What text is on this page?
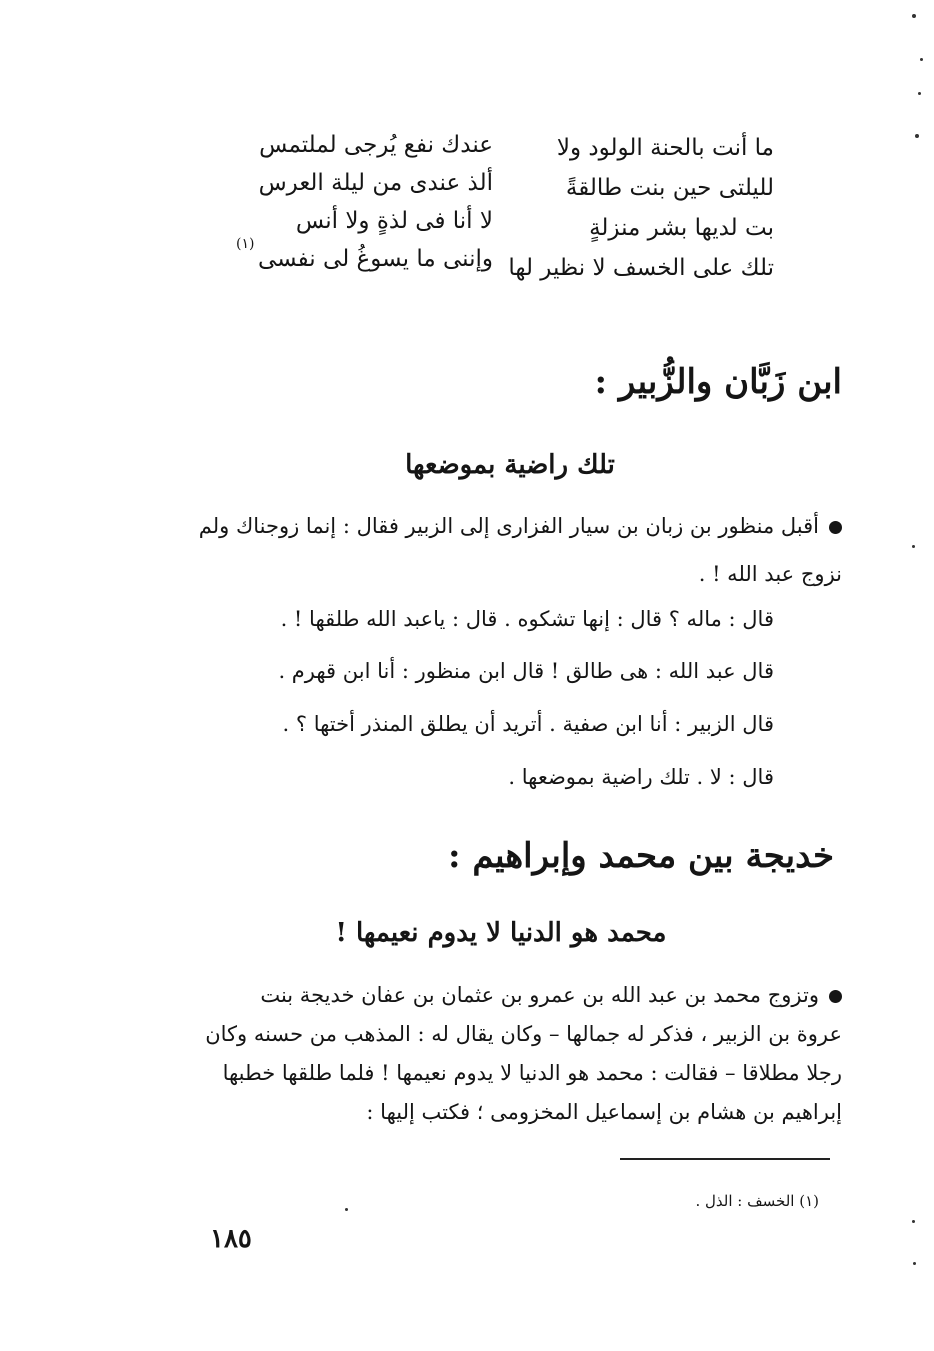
ما أنت بالحنة الولود ولا
لليلتى حين بنت طالقةً
بت لديها بشر منزلةٍ
تلك على الخسف لا نظير لها
عندك نفع يُرجى لملتمس
ألذ عندى من ليلة العرس
لا أنا فى لذةٍ ولا أنس
وإننى ما يسوغُ لى نفسى
(١)
ابن زَبَّان والزُّبير :
تلك راضية بموضعها
أقبل منظور بن زبان بن سيار الفزارى إلى الزبير فقال : إنما زوجناك ولم
نزوج عبد الله ! .
قال : ماله ؟ قال : إنها تشكوه . قال : ياعبد الله طلقها ! .
قال عبد الله : هى طالق ! قال ابن منظور : أنا ابن قهرم .
قال الزبير : أنا ابن صفية . أتريد أن يطلق المنذر أختها ؟ .
قال : لا . تلك راضية بموضعها .
خديجة بين محمد وإبراهيم :
محمد هو الدنيا لا يدوم نعيمها !
وتزوج محمد بن عبد الله بن عمرو بن عثمان بن عفان خديجة بنت
عروة بن الزبير ، فذكر له جمالها – وكان يقال له : المذهب من حسنه وكان
رجلا مطلاقا – فقالت : محمد هو الدنيا لا يدوم نعيمها ! فلما طلقها خطبها
إبراهيم بن هشام بن إسماعيل المخزومى ؛ فكتب إليها :
(١) الخسف : الذل .
١٨٥
